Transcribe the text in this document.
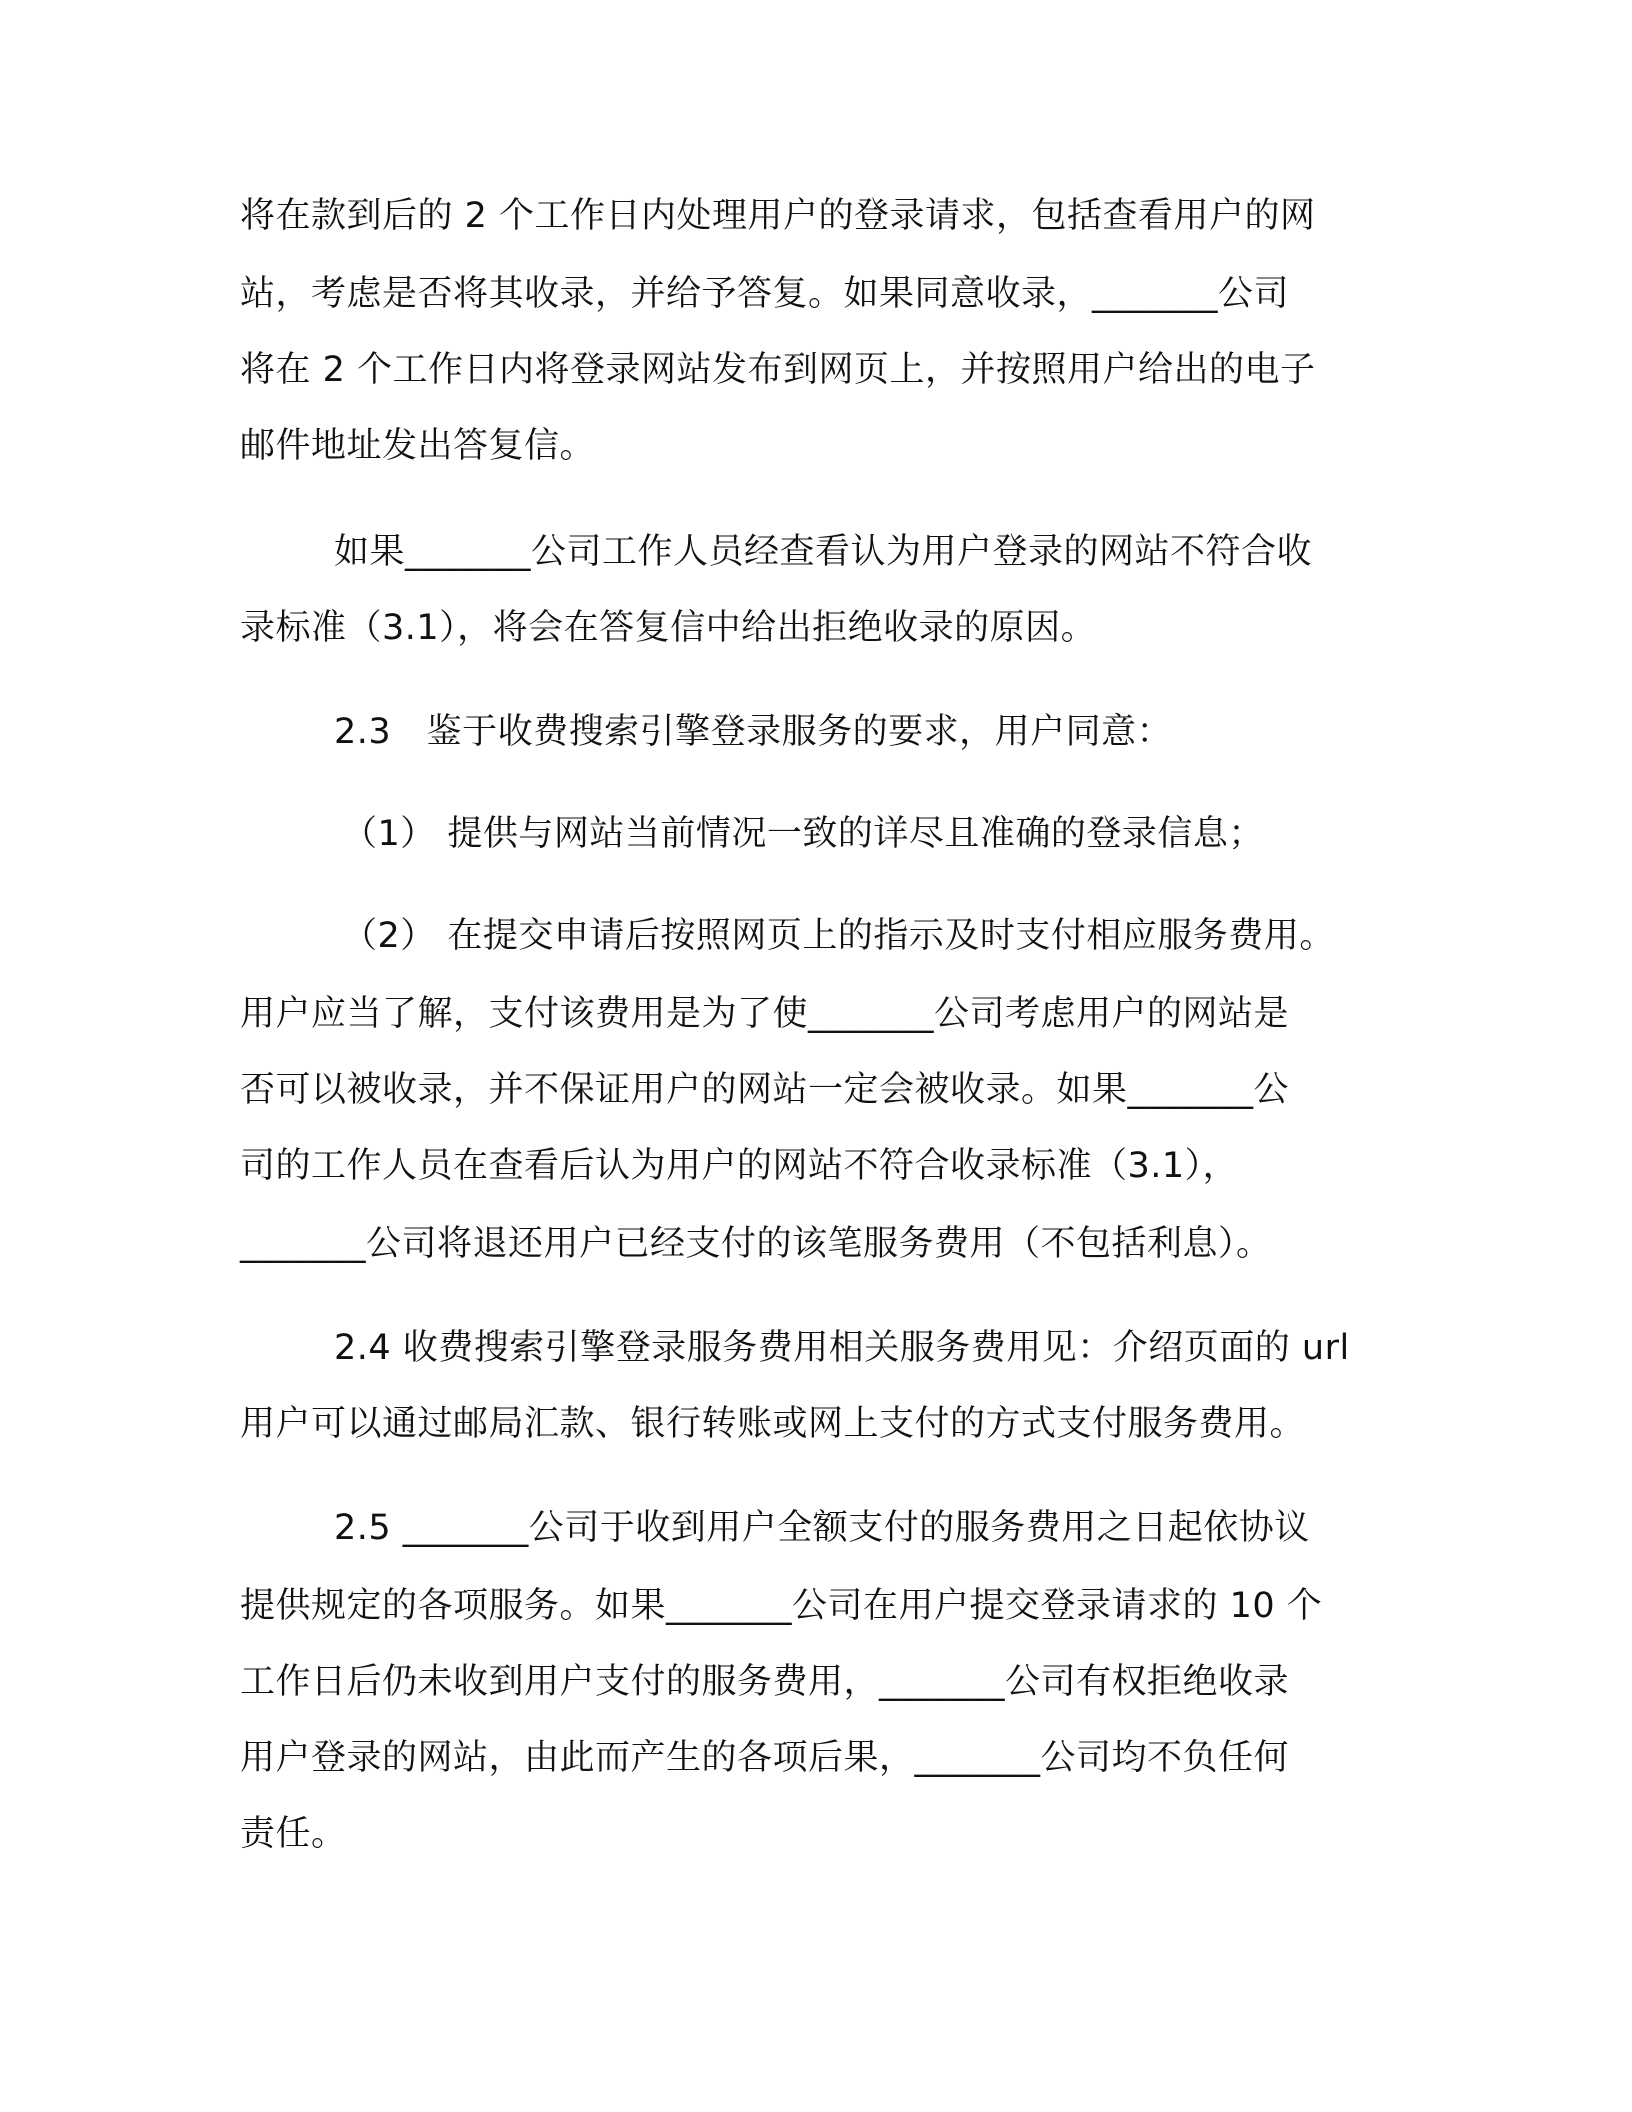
将在款到后的 2 个工作日内处理用户的登录请求，包括查看用户的网
站，考虑是否将其收录，并给予答复。如果同意收录，_______公司
将在 2 个工作日内将登录网站发布到网页上，并按照用户给出的电子
邮件地址发出答复信。
如果_______公司工作人员经查看认为用户登录的网站不符合收
录标准（3.1），将会在答复信中给出拒绝收录的原因。
2.3　鉴于收费搜索引擎登录服务的要求，用户同意：
（1） 提供与网站当前情况一致的详尽且准确的登录信息；
（2） 在提交申请后按照网页上的指示及时支付相应服务费用。
用户应当了解，支付该费用是为了使_______公司考虑用户的网站是
否可以被收录，并不保证用户的网站一定会被收录。如果_______公
司的工作人员在查看后认为用户的网站不符合收录标准（3.1），
_______公司将退还用户已经支付的该笔服务费用（不包括利息）。
2.4 收费搜索引擎登录服务费用相关服务费用见：介绍页面的 url
用户可以通过邮局汇款、银行转账或网上支付的方式支付服务费用。
2.5 _______公司于收到用户全额支付的服务费用之日起依协议
提供规定的各项服务。如果_______公司在用户提交登录请求的 10 个
工作日后仍未收到用户支付的服务费用，_______公司有权拒绝收录
用户登录的网站，由此而产生的各项后果，_______公司均不负任何
责任。
